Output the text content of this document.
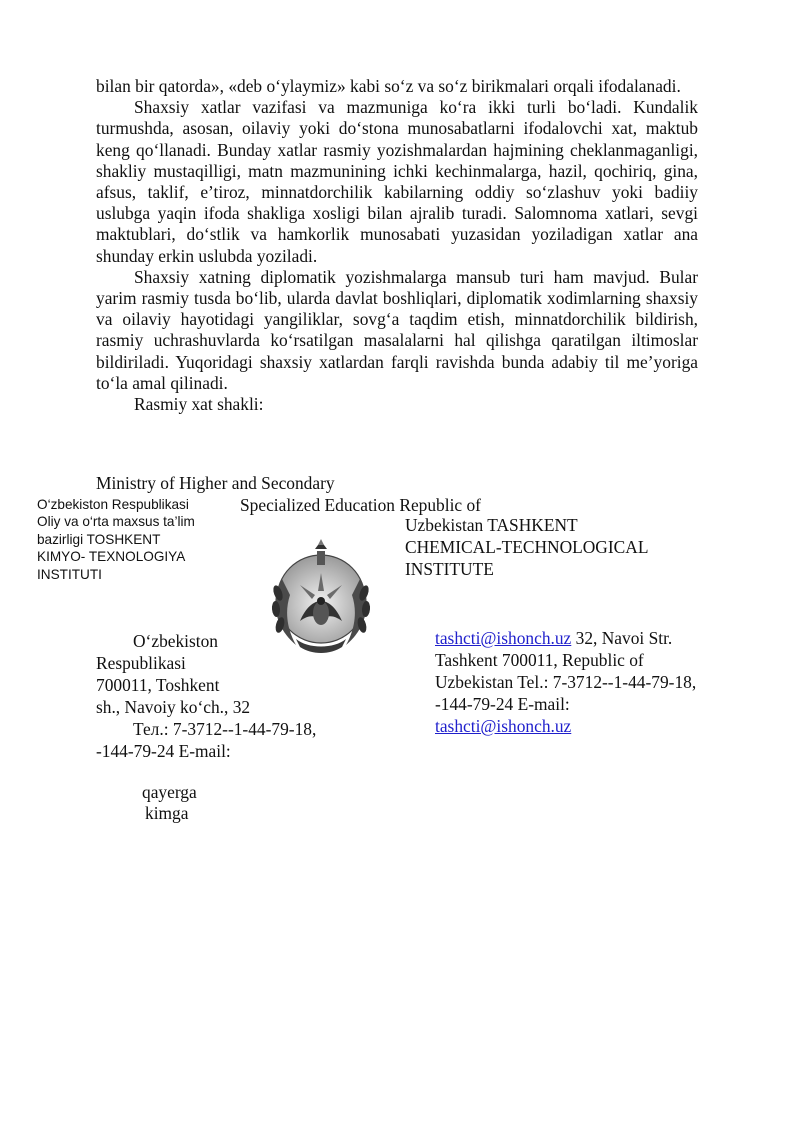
bilan bir qatorda», «deb o‘ylaymiz» kabi so‘z va so‘z birikmalari orqali ifodalanadi.

Shaxsiy xatlar vazifasi va mazmuniga ko‘ra ikki turli bo‘ladi. Kundalik turmushda, asosan, oilaviy yoki do‘stona munosabatlarni ifodalovchi xat, maktub keng qo‘llanadi. Bunday xatlar rasmiy yozishmalardan hajmining cheklanmaganligi, shakliy mustaqilligi, matn mazmunining ichki kechinmalarga, hazil, qochiriq, gina, afsus, taklif, e’tiroz, minnatdorchilik kabilarning oddiy so‘zlashuv yoki badiiy uslubga yaqin ifoda shakliga xosligi bilan ajralib turadi. Salomnoma xatlari, sevgi maktublari, do‘stlik va hamkorlik munosabati yuzasidan yoziladigan xatlar ana shunday erkin uslubda yoziladi.

Shaxsiy xatning diplomatik yozishmalarga mansub turi ham mavjud. Bular yarim rasmiy tusda bo‘lib, ularda davlat boshliqlari, diplomatik xodimlarning shaxsiy va oilaviy hayotidagi yangiliklar, sovg‘a taqdim etish, minnatdorchilik bildirish, rasmiy uchrashuvlarda ko‘rsatilgan masalalarni hal qilishga qaratilgan iltimoslar bildiriladi. Yuqoridagi shaxsiy xatlardan farqli ravishda bunda adabiy til me’yoriga to‘la amal qilinadi.

Rasmiy xat shakli:

Ministry of Higher and Secondary
Specialized Education Republic of
O‘zbekiston Respublikasi
Oliy va o‘rta maxsus ta’lim
bazirligi TOSHKENT
KIMYO- TEXNOLOGIYA
INSTITUTI
Uzbekistan TASHKENT
CHEMICAL-TECHNOLOGICAL
INSTITUTE
O‘zbekiston
Respublikasi
700011, Toshkent
sh., Navoiy ko‘ch., 32
Тел.: 7-3712--1-44-79-18,
-144-79-24 E-mail:
tashcti@ishonch.uz 32, Navoi Str. Tashkent 700011, Republic of Uzbekistan Tel.: 7-3712--1-44-79-18, -144-79-24 E-mail: tashcti@ishonch.uz
qayerga
kimga
